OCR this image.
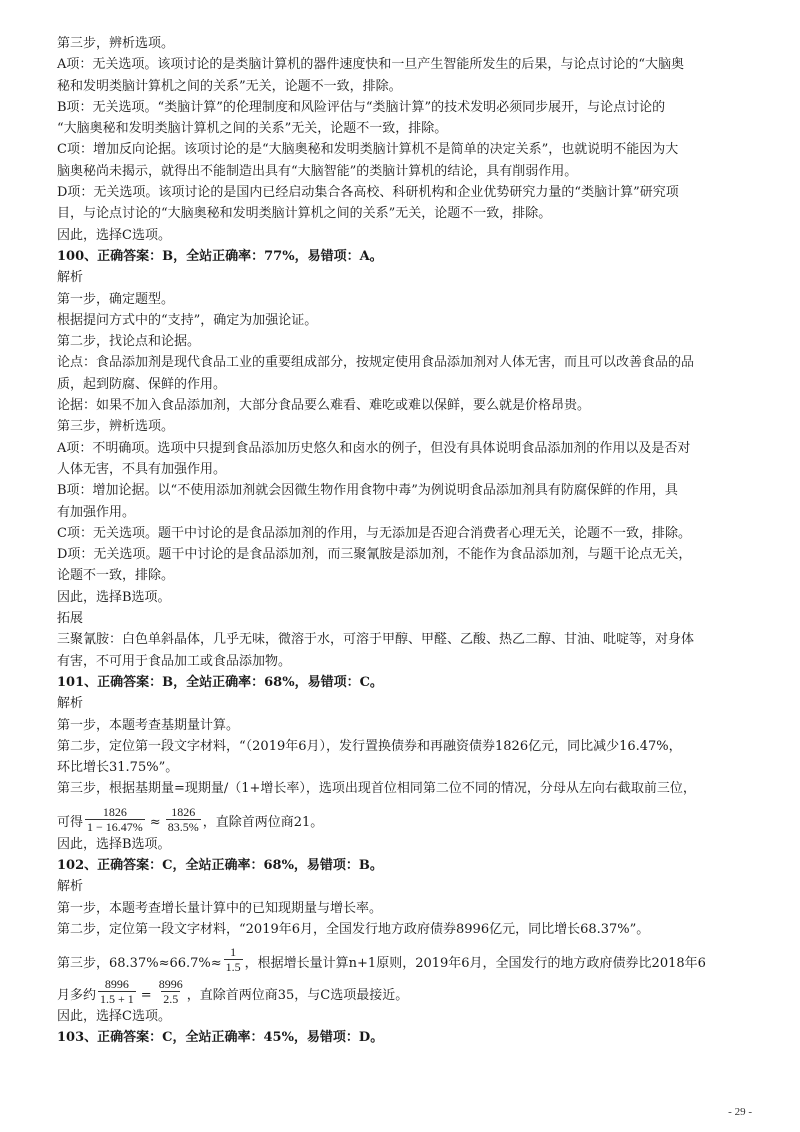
第三步，辨析选项。
A项：无关选项。该项讨论的是类脑计算机的器件速度快和一旦产生智能所发生的后果，与论点讨论的“大脑奥
秘和发明类脑计算机之间的关系”无关，论题不一致，排除。
B项：无关选项。“类脑计算”的伦理制度和风险评估与“类脑计算”的技术发明必须同步展开，与论点讨论的
“大脑奥秘和发明类脑计算机之间的关系”无关，论题不一致，排除。
C项：增加反向论据。该项讨论的是“大脑奥秘和发明类脑计算机不是简单的决定关系”，也就说明不能因为大
脑奥秘尚未揭示，就得出不能制造出具有“大脑智能”的类脑计算机的结论，具有削弱作用。
D项：无关选项。该项讨论的是国内已经启动集合各高校、科研机构和企业优势研究力量的“类脑计算”研究项
目，与论点讨论的“大脑奥秘和发明类脑计算机之间的关系”无关，论题不一致，排除。
因此，选择C选项。
100、正确答案：B，全站正确率：77%，易错项：A。
解析
第一步，确定题型。
根据提问方式中的“支持”，确定为加强论证。
第二步，找论点和论据。
论点：食品添加剂是现代食品工业的重要组成部分，按规定使用食品添加剂对人体无害，而且可以改善食品的品
质，起到防腐、保鲜的作用。
论据：如果不加入食品添加剂，大部分食品要么难看、难吃或难以保鲜，要么就是价格昂贵。
第三步，辨析选项。
A项：不明确项。选项中只提到食品添加历史悠久和卤水的例子，但没有具体说明食品添加剂的作用以及是否对
人体无害，不具有加强作用。
B项：增加论据。以“不使用添加剂就会因微生物作用食物中毒”为例说明食品添加剂具有防腐保鲜的作用，具
有加强作用。
C项：无关选项。题干中讨论的是食品添加剂的作用，与无添加是否迎合消费者心理无关，论题不一致，排除。
D项：无关选项。题干中讨论的是食品添加剂，而三聚氰胺是添加剂，不能作为食品添加剂，与题干论点无关，
论题不一致，排除。
因此，选择B选项。
拓展
三聚氰胺：白色单斜晶体，几乎无味，微溶于水，可溶于甲醇、甲醛、乙酸、热乙二醇、甘油、吡啶等，对身体
有害，不可用于食品加工或食品添加物。
101、正确答案：B，全站正确率：68%，易错项：C。
解析
第一步，本题考查基期量计算。
第二步，定位第一段文字材料，“（2019年6月），发行置换债券和再融资债券1826亿元，同比减少16.47%，
环比增长31.75%”。
第三步，根据基期量=现期量/（1+增长率），选项出现首位相同第二位不同的情况，分母从左向右截取前三位，
可得 $\frac{1826}{1 - 16.47\%} \approx \frac{1826}{83.5\%}$ ，直除首两位商21。
因此，选择B选项。
102、正确答案：C，全站正确率：68%，易错项：B。
解析
第一步，本题考查增长量计算中的已知现期量与增长率。
第二步，定位第一段文字材料，“2019年6月，全国发行地方政府债券8996亿元，同比增长68.37%”。
第三步，$68.37\%\approx 66.7\%\approx \frac{1}{1.5}$ ，根据增长量计算n+1原则，2019年6月，全国发行的地方政府债券比2018年6
月多约 $\frac{8996}{1.5 + 1} = \frac{8996}{2.5}$ ，直除首两位商35，与C选项最接近。
因此，选择C选项。
103、正确答案：C，全站正确率：45%，易错项：D。
- 29 -
